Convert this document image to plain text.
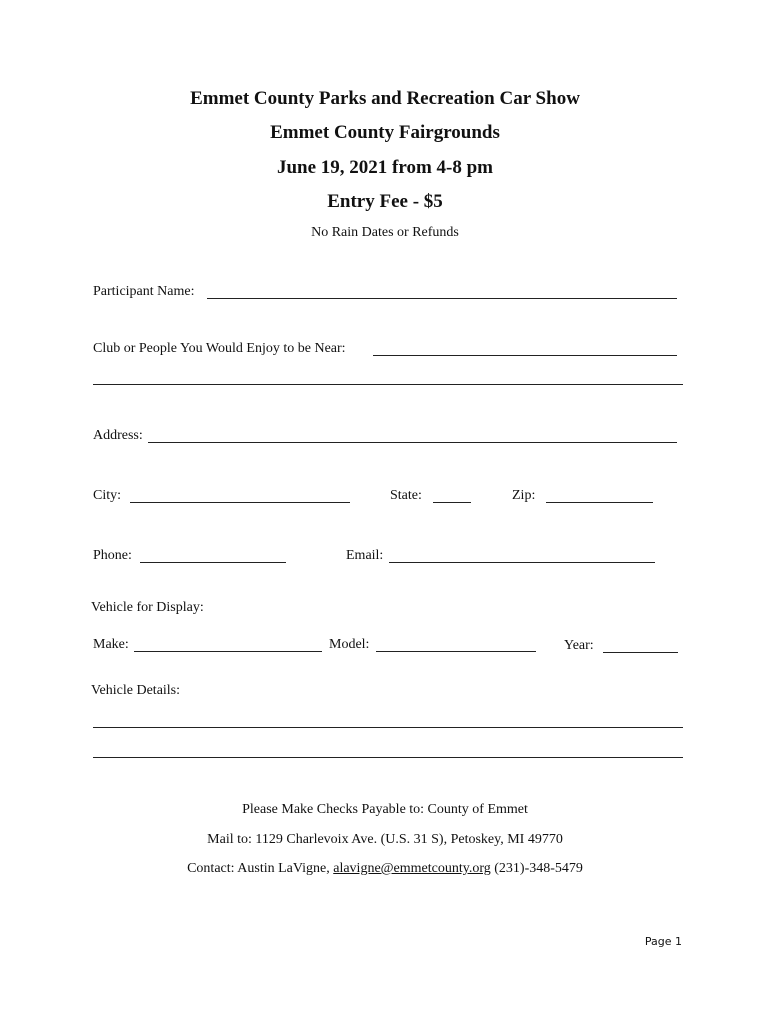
Emmet County Parks and Recreation Car Show
Emmet County Fairgrounds
June 19, 2021 from 4-8 pm
Entry Fee - $5
No Rain Dates or Refunds
Participant Name:
Club or People You Would Enjoy to be Near:
Address:
City:	State:	Zip:
Phone:	Email:
Vehicle for Display:
Make:	Model:	Year:
Vehicle Details:
Please Make Checks Payable to: County of Emmet
Mail to: 1129 Charlevoix Ave. (U.S. 31 S), Petoskey, MI 49770
Contact: Austin LaVigne, alavigne@emmetcounty.org (231)-348-5479
Page 1
